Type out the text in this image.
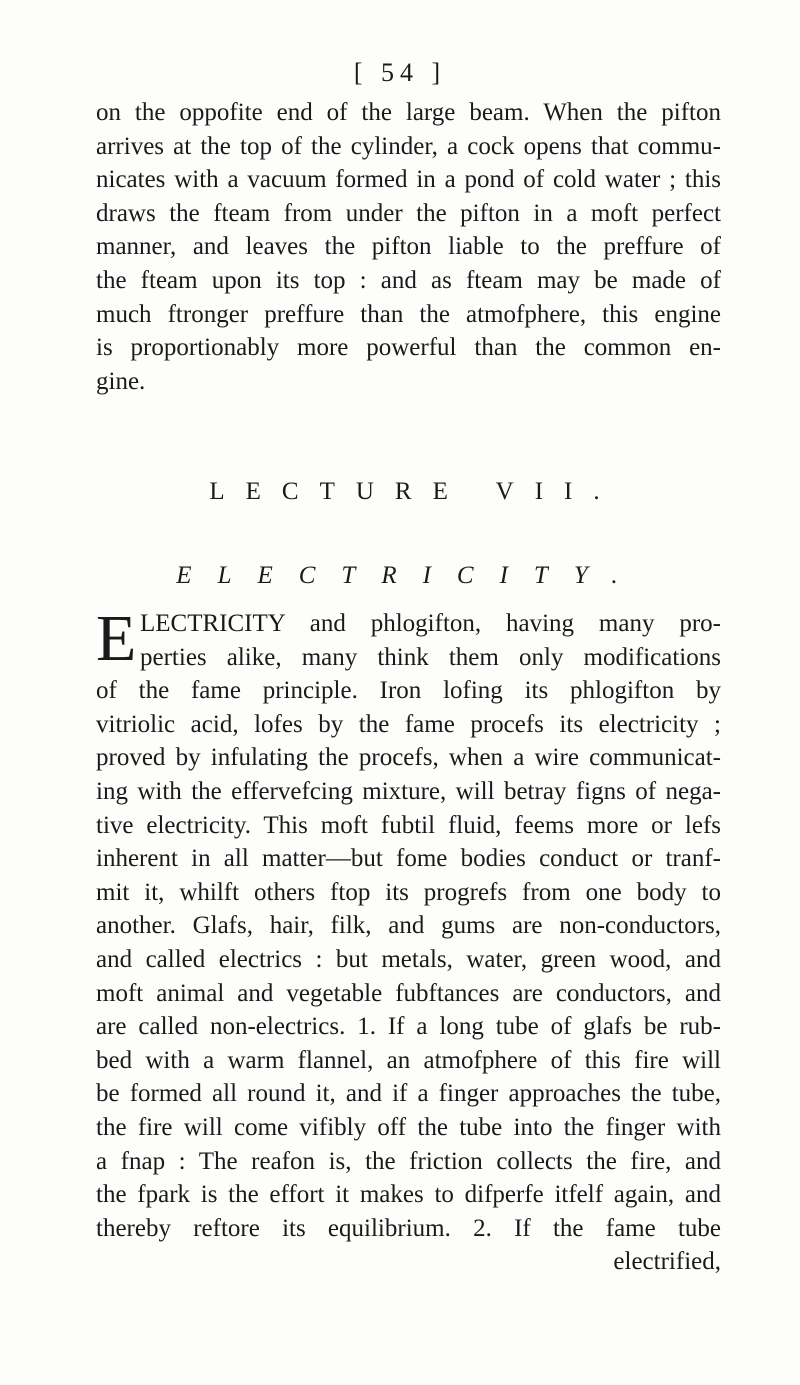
[ 54 ]
on the oppofite end of the large beam. When the pifton
arrives at the top of the cylinder, a cock opens that commu-
nicates with a vacuum formed in a pond of cold water ; this
draws the fteam from under the pifton in a moft perfect
manner, and leaves the pifton liable to the preffure of
the fteam upon its top : and as fteam may be made of
much ftronger preffure than the atmofphere, this engine
is proportionably more powerful than the common en-
gine.
LECTURE VII.
ELECTRICITY.
E LECTRICITY and phlogifton, having many pro-
perties alike, many think them only modifications
of the fame principle. Iron lofing its phlogifton by
vitriolic acid, lofes by the fame procefs its electricity ;
proved by infulating the procefs, when a wire communicat-
ing with the effervefcing mixture, will betray figns of nega-
tive electricity. This moft fubtil fluid, feems more or lefs
inherent in all matter—but fome bodies conduct or tranf-
mit it, whilft others ftop its progrefs from one body to
another. Glafs, hair, filk, and gums are non-conductors,
and called electrics : but metals, water, green wood, and
moft animal and vegetable fubftances are conductors, and
are called non-electrics. 1. If a long tube of glafs be rub-
bed with a warm flannel, an atmofphere of this fire will
be formed all round it, and if a finger approaches the tube,
the fire will come vifibly off the tube into the finger with
a fnap : The reafon is, the friction collects the fire, and
the fpark is the effort it makes to difperfe itfelf again, and
thereby reftore its equilibrium. 2. If the fame tube
electrified,
